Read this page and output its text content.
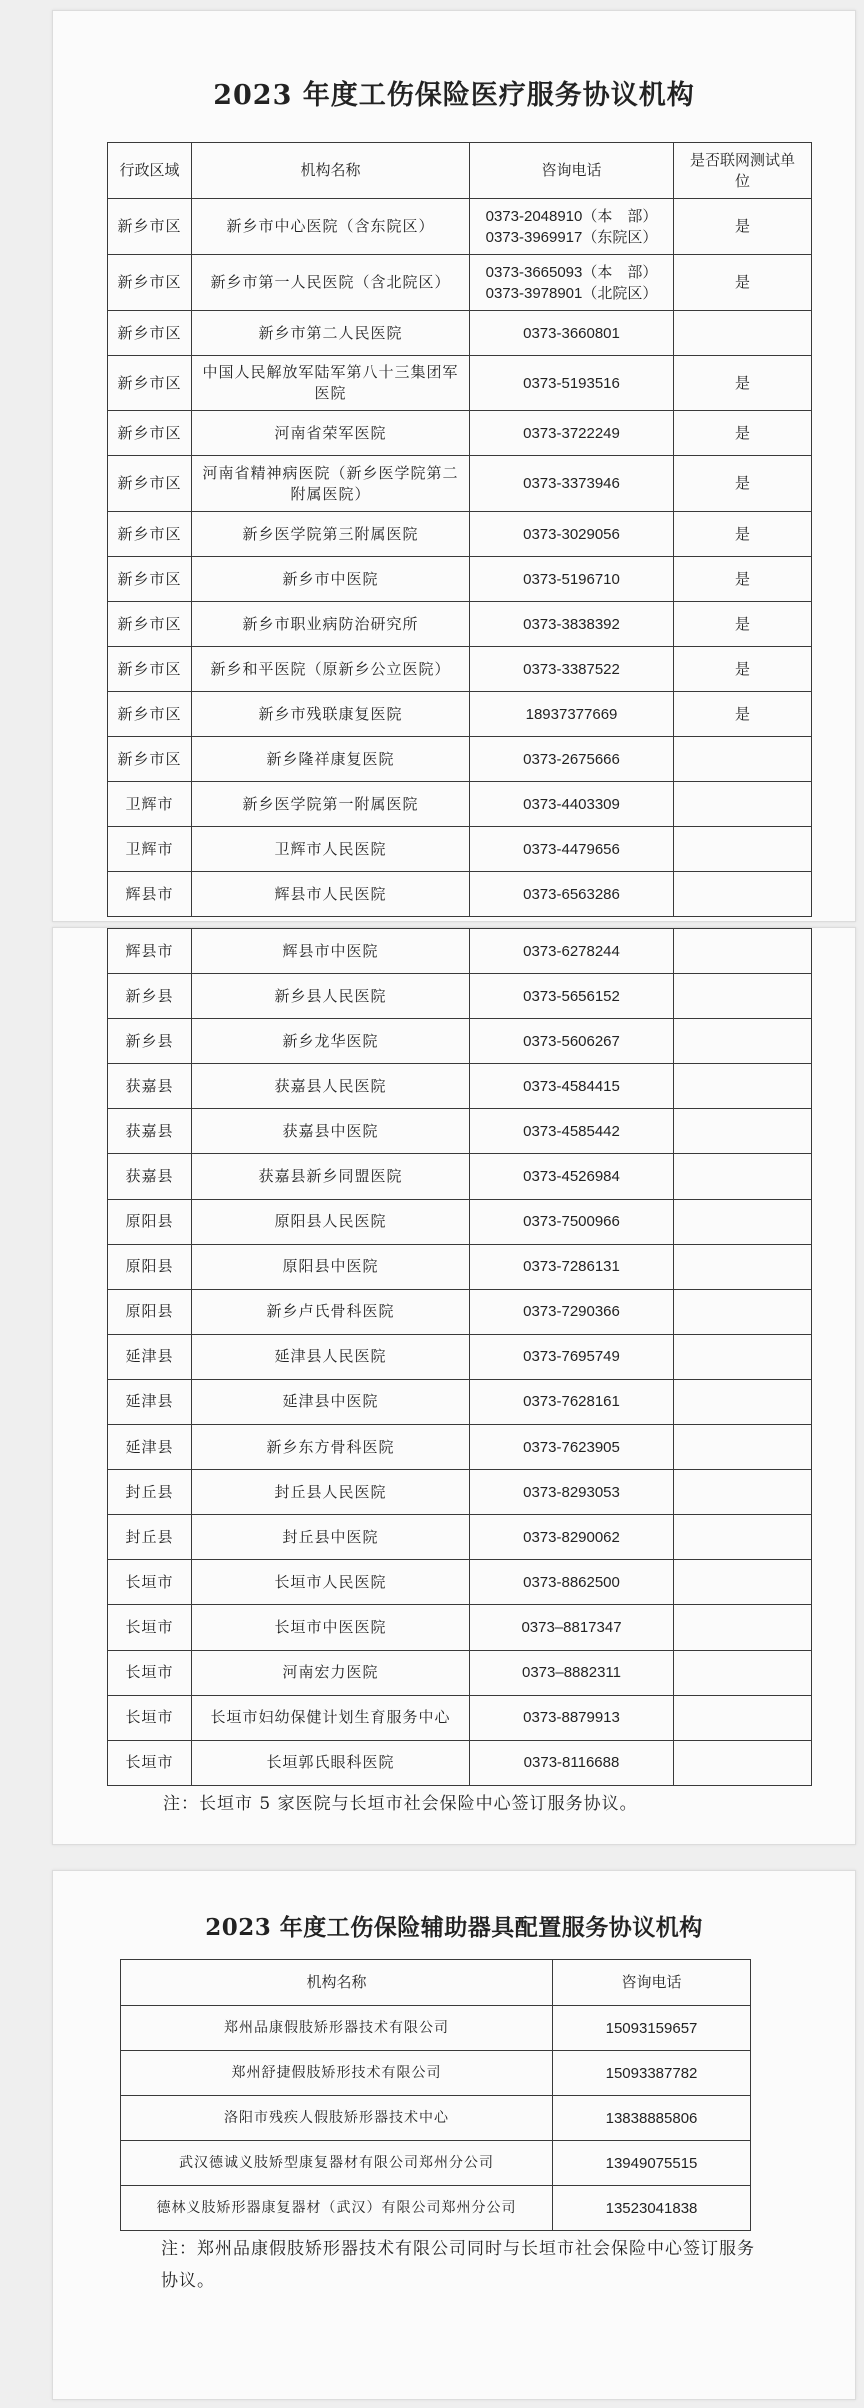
2023 年度工伤保险医疗服务协议机构
行政区域	机构名称	咨询电话	是否联网测试单位
新乡市区	新乡市中心医院（含东院区）	0373-2048910（本　部）
0373-3969917（东院区）	是
新乡市区	新乡市第一人民医院（含北院区）	0373-3665093（本　部）
0373-3978901（北院区）	是
新乡市区	新乡市第二人民医院	0373-3660801	
新乡市区	中国人民解放军陆军第八十三集团军医院	0373-5193516	是
新乡市区	河南省荣军医院	0373-3722249	是
新乡市区	河南省精神病医院（新乡医学院第二附属医院）	0373-3373946	是
新乡市区	新乡医学院第三附属医院	0373-3029056	是
新乡市区	新乡市中医院	0373-5196710	是
新乡市区	新乡市职业病防治研究所	0373-3838392	是
新乡市区	新乡和平医院（原新乡公立医院）	0373-3387522	是
新乡市区	新乡市残联康复医院	18937377669	是
新乡市区	新乡隆祥康复医院	0373-2675666	
卫辉市	新乡医学院第一附属医院	0373-4403309	
卫辉市	卫辉市人民医院	0373-4479656	
辉县市	辉县市人民医院	0373-6563286	
辉县市	辉县市中医院	0373-6278244	
新乡县	新乡县人民医院	0373-5656152	
新乡县	新乡龙华医院	0373-5606267	
获嘉县	获嘉县人民医院	0373-4584415	
获嘉县	获嘉县中医院	0373-4585442	
获嘉县	获嘉县新乡同盟医院	0373-4526984	
原阳县	原阳县人民医院	0373-7500966	
原阳县	原阳县中医院	0373-7286131	
原阳县	新乡卢氏骨科医院	0373-7290366	
延津县	延津县人民医院	0373-7695749	
延津县	延津县中医院	0373-7628161	
延津县	新乡东方骨科医院	0373-7623905	
封丘县	封丘县人民医院	0373-8293053	
封丘县	封丘县中医院	0373-8290062	
长垣市	长垣市人民医院	0373-8862500	
长垣市	长垣市中医医院	0373–8817347	
长垣市	河南宏力医院	0373–8882311	
长垣市	长垣市妇幼保健计划生育服务中心	0373-8879913	
长垣市	长垣郭氏眼科医院	0373-8116688	
注：长垣市 5 家医院与长垣市社会保险中心签订服务协议。
2023 年度工伤保险辅助器具配置服务协议机构
机构名称	咨询电话
郑州品康假肢矫形器技术有限公司	15093159657
郑州舒捷假肢矫形技术有限公司	15093387782
洛阳市残疾人假肢矫形器技术中心	13838885806
武汉德诚义肢矫型康复器材有限公司郑州分公司	13949075515
德林义肢矫形器康复器材（武汉）有限公司郑州分公司	13523041838
注：郑州品康假肢矫形器技术有限公司同时与长垣市社会保险中心签订服务协议。
